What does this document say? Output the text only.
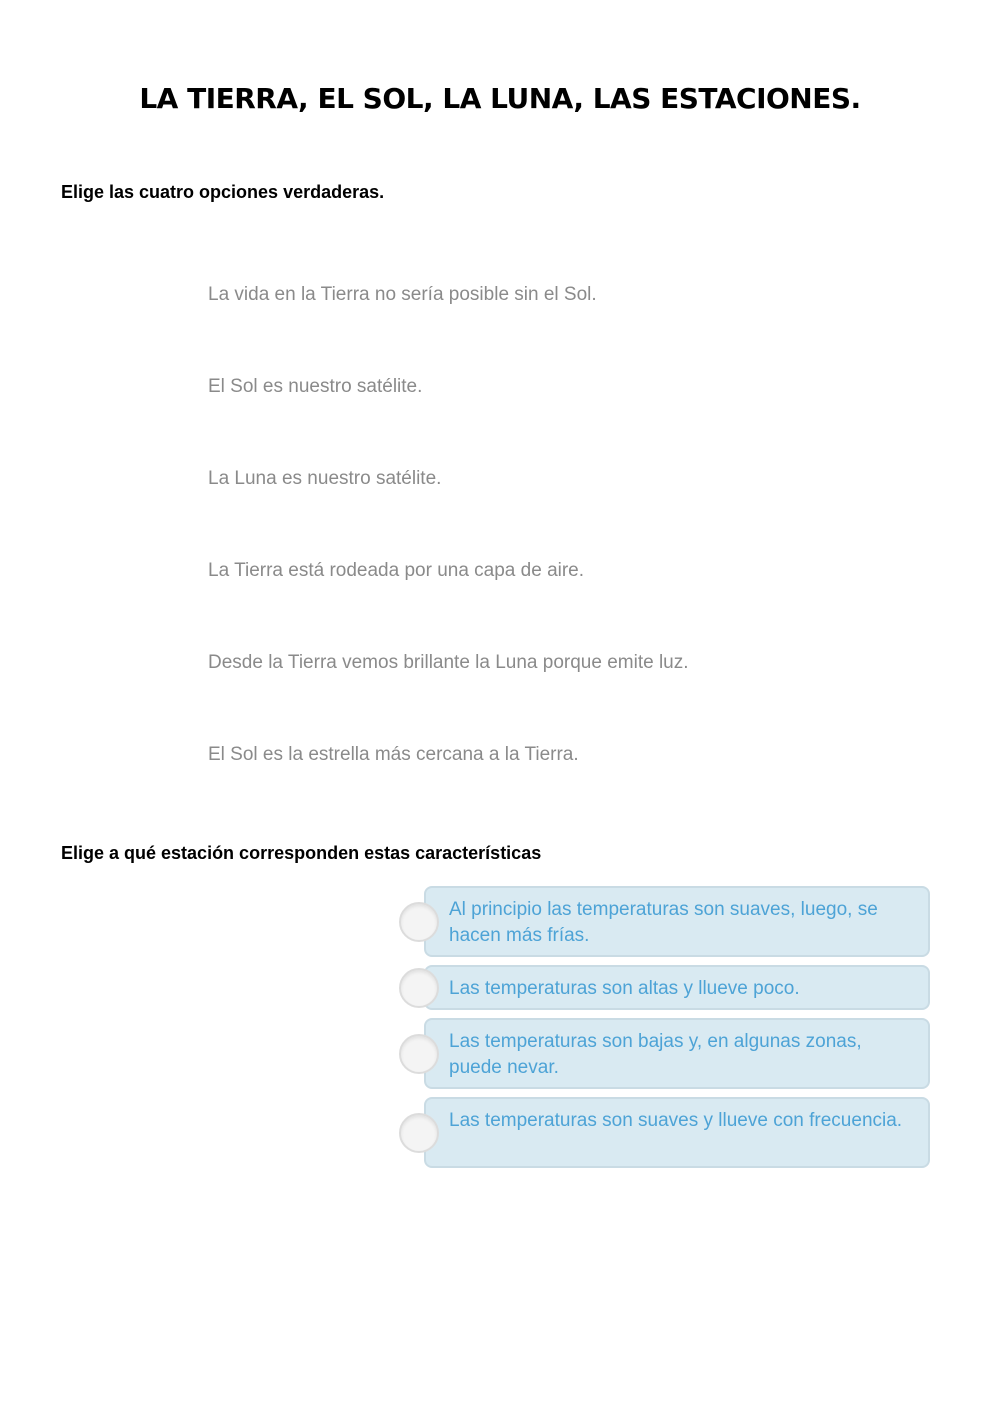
LA TIERRA, EL SOL, LA LUNA, LAS ESTACIONES.
Elige las cuatro opciones verdaderas.
La vida en la Tierra no sería posible sin el Sol.
El Sol es nuestro satélite.
La Luna es nuestro satélite.
La Tierra está rodeada por una capa de aire.
Desde la Tierra vemos brillante la Luna porque emite luz.
El Sol es la estrella más cercana a la Tierra.
Elige a qué estación corresponden estas características
Al principio las temperaturas son suaves, luego, se hacen más frías.
Las temperaturas son altas y llueve poco.
Las temperaturas son bajas y, en algunas zonas, puede nevar.
Las temperaturas son suaves y llueve con frecuencia.
